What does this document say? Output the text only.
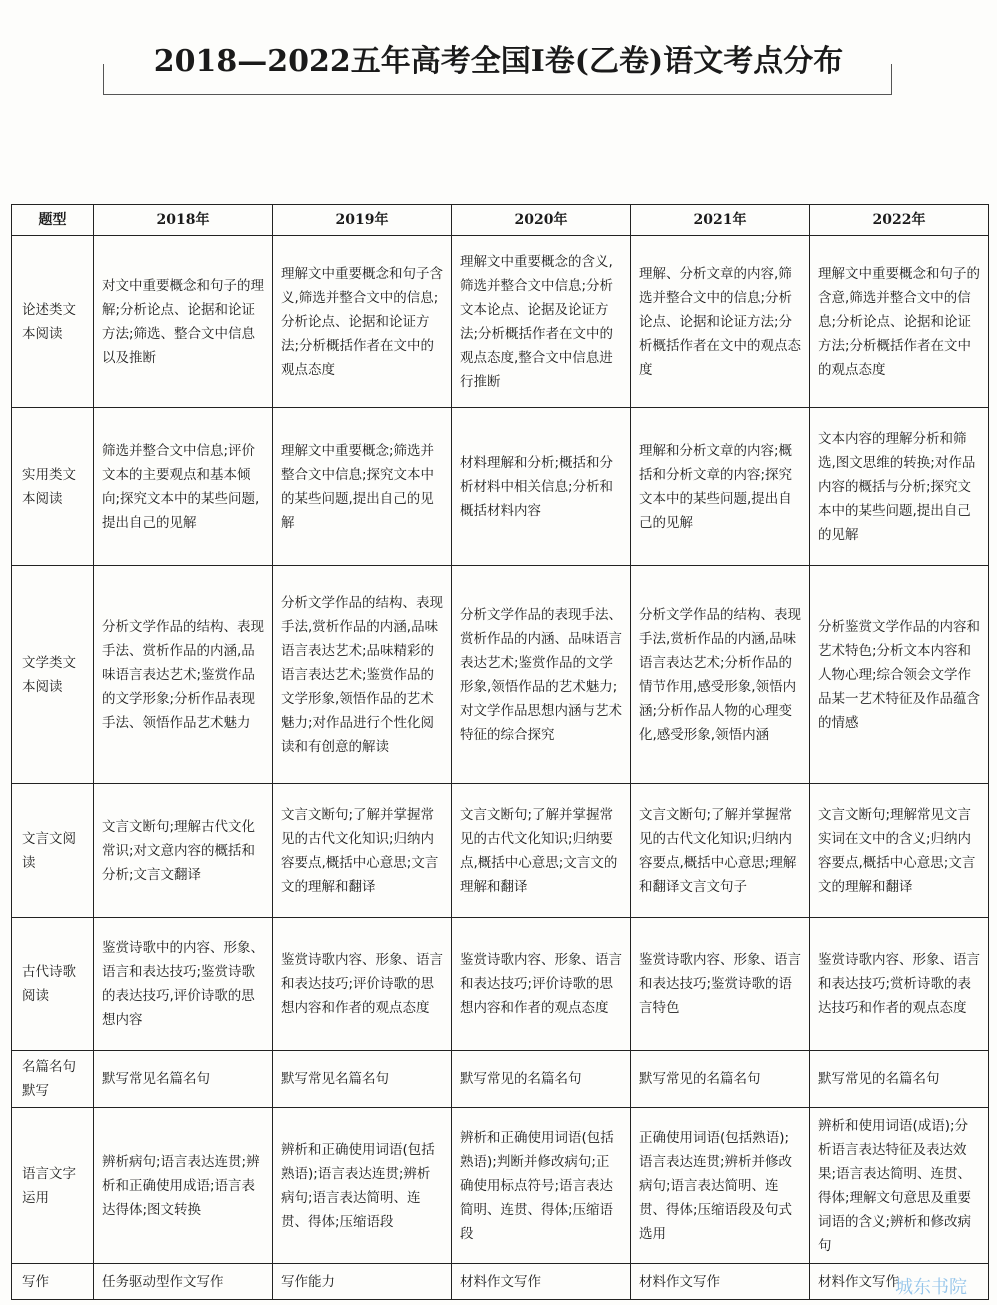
2018—2022五年高考全国Ⅰ卷(乙卷)语文考点分布
题型	2018年	2019年	2020年	2021年	2022年
论述类文本阅读	对文中重要概念和句子的理解;分析论点、论据和论证方法;筛选、整合文中信息以及推断	理解文中重要概念和句子含义,筛选并整合文中的信息;分析论点、论据和论证方法;分析概括作者在文中的观点态度	理解文中重要概念的含义,筛选并整合文中信息;分析文本论点、论据及论证方法;分析概括作者在文中的观点态度,整合文中信息进行推断	理解、分析文章的内容,筛选并整合文中的信息;分析论点、论据和论证方法;分析概括作者在文中的观点态度	理解文中重要概念和句子的含意,筛选并整合文中的信息;分析论点、论据和论证方法;分析概括作者在文中的观点态度
实用类文本阅读	筛选并整合文中信息;评价文本的主要观点和基本倾向;探究文本中的某些问题,提出自己的见解	理解文中重要概念;筛选并整合文中信息;探究文本中的某些问题,提出自己的见解	材料理解和分析;概括和分析材料中相关信息;分析和概括材料内容	理解和分析文章的内容;概括和分析文章的内容;探究文本中的某些问题,提出自己的见解	文本内容的理解分析和筛选,图文思维的转换;对作品内容的概括与分析;探究文本中的某些问题,提出自己的见解
文学类文本阅读	分析文学作品的结构、表现手法、赏析作品的内涵,品味语言表达艺术;鉴赏作品的文学形象;分析作品表现手法、领悟作品艺术魅力	分析文学作品的结构、表现手法,赏析作品的内涵,品味语言表达艺术;品味精彩的语言表达艺术;鉴赏作品的文学形象,领悟作品的艺术魅力;对作品进行个性化阅读和有创意的解读	分析文学作品的表现手法、赏析作品的内涵、品味语言表达艺术;鉴赏作品的文学形象,领悟作品的艺术魅力;对文学作品思想内涵与艺术特征的综合探究	分析文学作品的结构、表现手法,赏析作品的内涵,品味语言表达艺术;分析作品的情节作用,感受形象,领悟内涵;分析作品人物的心理变化,感受形象,领悟内涵	分析鉴赏文学作品的内容和艺术特色;分析文本内容和人物心理;综合领会文学作品某一艺术特征及作品蕴含的情感
文言文阅读	文言文断句;理解古代文化常识;对文意内容的概括和分析;文言文翻译	文言文断句;了解并掌握常见的古代文化知识;归纳内容要点,概括中心意思;文言文的理解和翻译	文言文断句;了解并掌握常见的古代文化知识;归纳要点,概括中心意思;文言文的理解和翻译	文言文断句;了解并掌握常见的古代文化知识;归纳内容要点,概括中心意思;理解和翻译文言文句子	文言文断句;理解常见文言实词在文中的含义;归纳内容要点,概括中心意思;文言文的理解和翻译
古代诗歌阅读	鉴赏诗歌中的内容、形象、语言和表达技巧;鉴赏诗歌的表达技巧,评价诗歌的思想内容	鉴赏诗歌内容、形象、语言和表达技巧;评价诗歌的思想内容和作者的观点态度	鉴赏诗歌内容、形象、语言和表达技巧;评价诗歌的思想内容和作者的观点态度	鉴赏诗歌内容、形象、语言和表达技巧;鉴赏诗歌的语言特色	鉴赏诗歌内容、形象、语言和表达技巧;赏析诗歌的表达技巧和作者的观点态度
名篇名句默写	默写常见名篇名句	默写常见名篇名句	默写常见的名篇名句	默写常见的名篇名句	默写常见的名篇名句
语言文字运用	辨析病句;语言表达连贯;辨析和正确使用成语;语言表达得体;图文转换	辨析和正确使用词语(包括熟语);语言表达连贯;辨析病句;语言表达简明、连贯、得体;压缩语段	辨析和正确使用词语(包括熟语);判断并修改病句;正确使用标点符号;语言表达简明、连贯、得体;压缩语段	正确使用词语(包括熟语);语言表达连贯;辨析并修改病句;语言表达简明、连贯、得体;压缩语段及句式选用	辨析和使用词语(成语);分析语言表达特征及表达效果;语言表达简明、连贯、得体;理解文句意思及重要词语的含义;辨析和修改病句
写作	任务驱动型作文写作	写作能力	材料作文写作	材料作文写作	材料作文写作
城东书院
